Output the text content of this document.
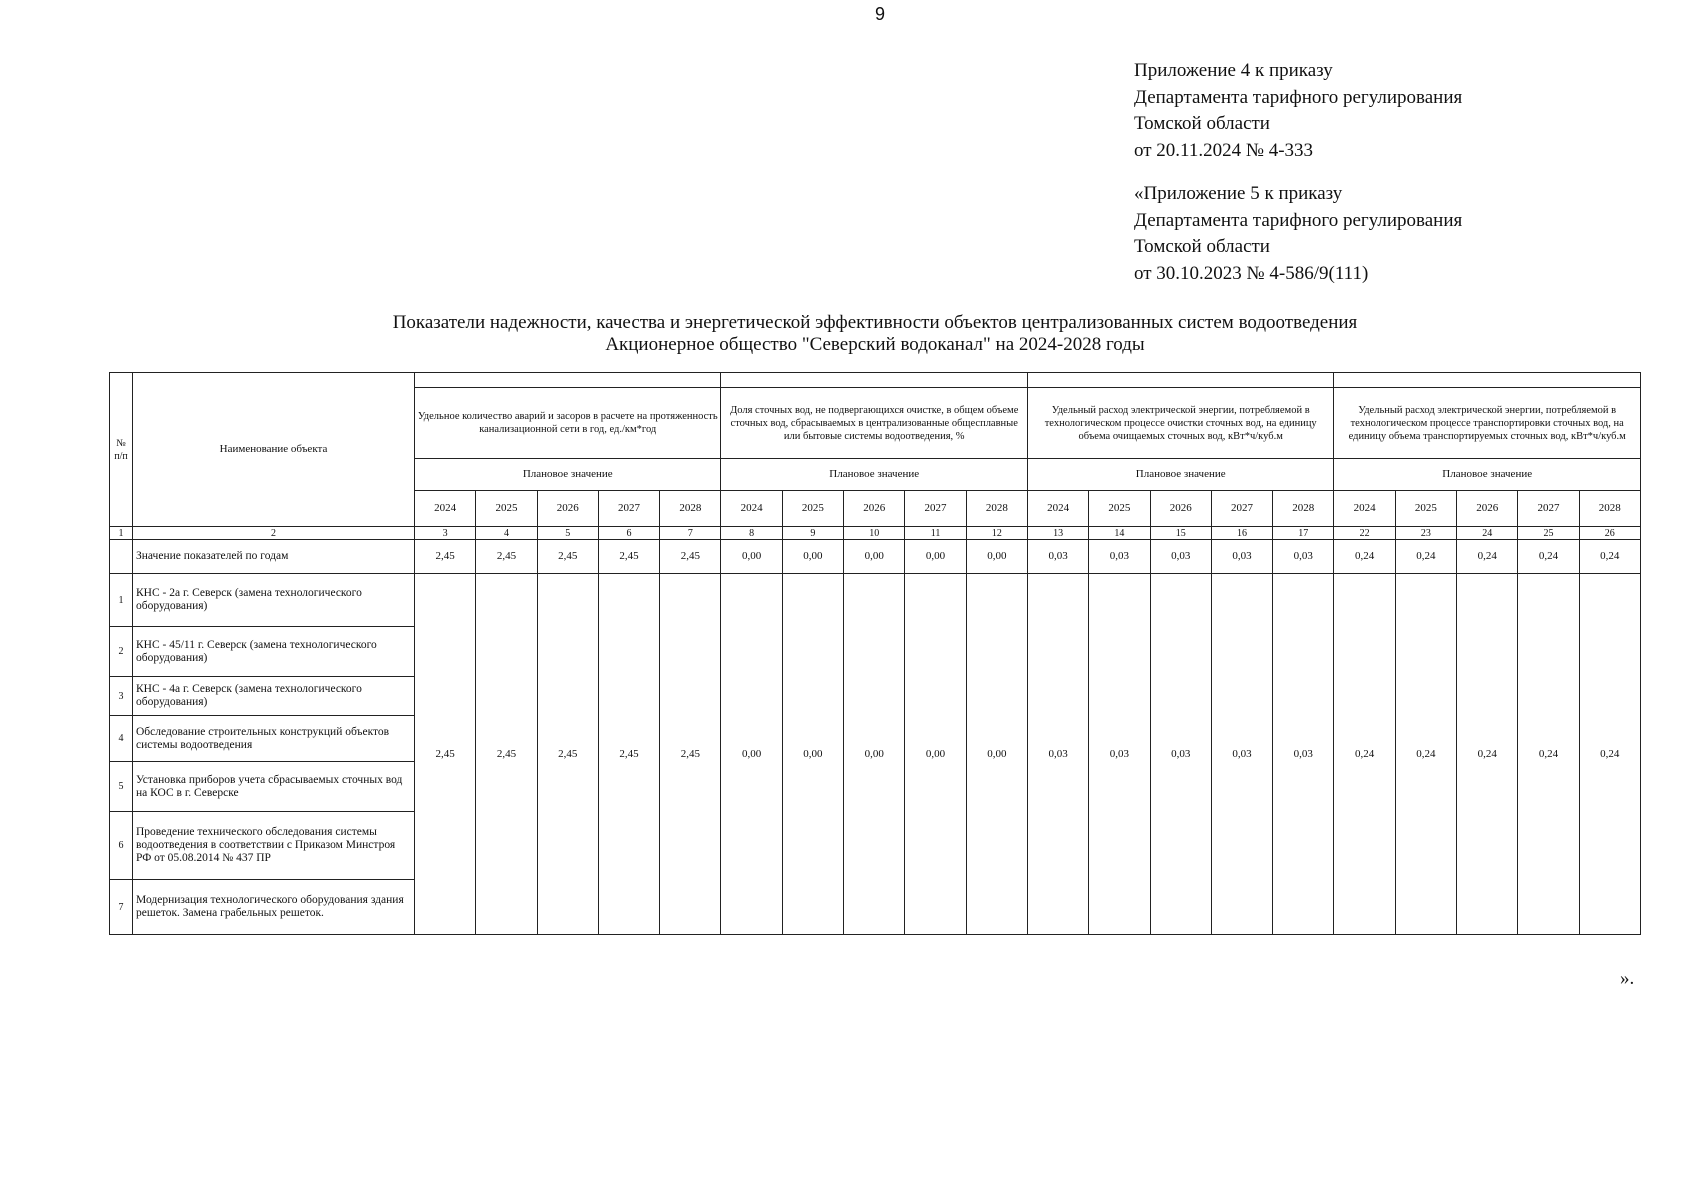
9
Приложение 4 к приказу
Департамента тарифного регулирования
Томской области
от 20.11.2024 № 4-333
«Приложение 5 к приказу
Департамента тарифного регулирования
Томской области
от 30.10.2023 № 4-586/9(111)
Показатели надежности, качества и энергетической эффективности объектов централизованных систем водоотведения
Акционерное общество "Северский водоканал" на 2024-2028 годы
№ п/п	Наименование объекта																				
		Удельное количество аварий и засоров в расчете на протяженность канализационной сети в год, ед./км*год					Доля сточных вод, не подвергающихся очистке, в общем объеме сточных вод, сбрасываемых в централизованные общесплавные или бытовые системы водоотведения, %					Удельный расход электрической энергии, потребляемой в технологическом процессе очистки сточных вод, на единицу объема очищаемых сточных вод, кВт*ч/куб.м					Удельный расход электрической энергии, потребляемой в технологическом процессе транспортировки сточных вод, на единицу объема транспортируемых сточных вод, кВт*ч/куб.м				
		Плановое значение					Плановое значение					Плановое значение					Плановое значение				
		2024	2025	2026	2027	2028	2024	2025	2026	2027	2028	2024	2025	2026	2027	2028	2024	2025	2026	2027	2028
1	2	3	4	5	6	7	8	9	10	11	12	13	14	15	16	17	22	23	24	25	26
	Значение показателей по годам	2,45	2,45	2,45	2,45	2,45	0,00	0,00	0,00	0,00	0,00	0,03	0,03	0,03	0,03	0,03	0,24	0,24	0,24	0,24	0,24
1	КНС - 2а г. Северск (замена технологического оборудования)	2,45	2,45	2,45	2,45	2,45	0,00	0,00	0,00	0,00	0,00	0,03	0,03	0,03	0,03	0,03	0,24	0,24	0,24	0,24	0,24
2	КНС - 45/11 г. Северск (замена технологического оборудования)																				
3	КНС - 4а г. Северск (замена технологического оборудования)																				
4	Обследование строительных конструкций объектов системы водоотведения																				
5	Установка приборов учета сбрасываемых сточных вод на КОС в г. Северске																				
6	Проведение технического обследования системы водоотведения в соответствии с Приказом Минстроя РФ от 05.08.2014 № 437 ПР																				
7	Модернизация технологического оборудования здания решеток. Замена грабельных решеток.																				
».
